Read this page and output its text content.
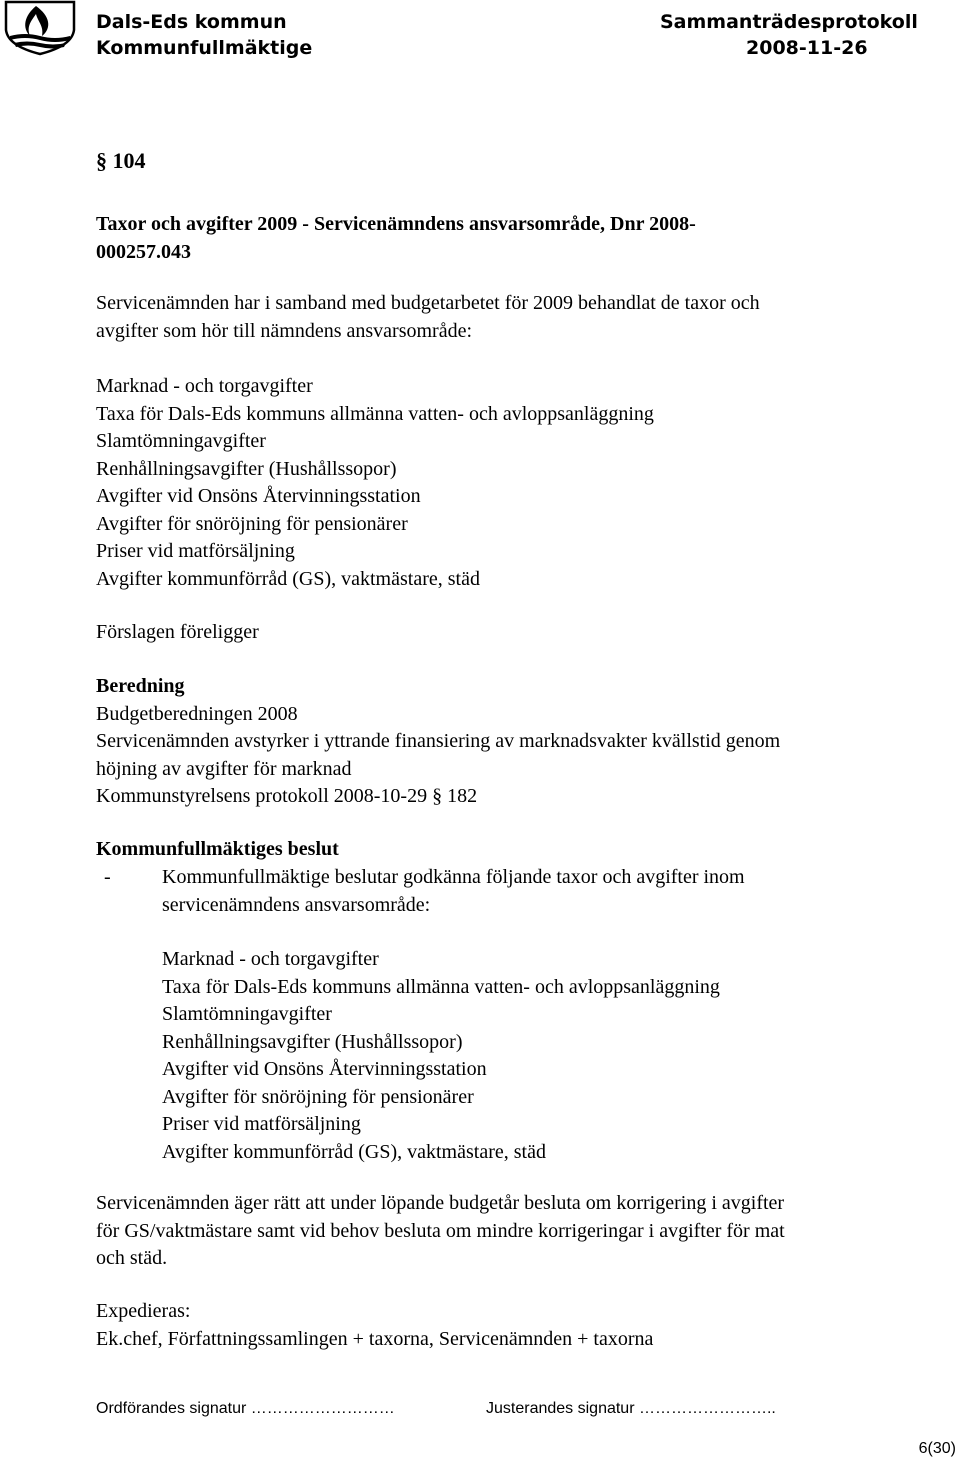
Dals-Eds kommun
Kommunfullmäktige
Sammanträdesprotokoll
2008-11-26
§ 104
Taxor och avgifter 2009 - Servicenämndens ansvarsområde, Dnr 2008-
000257.043
Servicenämnden har i samband med budgetarbetet för 2009 behandlat de taxor och
avgifter som hör till nämndens ansvarsområde:
Marknad - och torgavgifter
Taxa för Dals-Eds kommuns allmänna vatten- och avloppsanläggning
Slamtömningavgifter
Renhållningsavgifter (Hushållssopor)
Avgifter vid Onsöns Återvinningsstation
Avgifter för snöröjning för pensionärer
Priser vid matförsäljning
Avgifter kommunförråd (GS), vaktmästare, städ
Förslagen föreligger
Beredning
Budgetberedningen 2008
Servicenämnden avstyrker i yttrande finansiering av marknadsvakter kvällstid genom
höjning av avgifter för marknad
Kommunstyrelsens protokoll 2008-10-29 § 182
Kommunfullmäktiges beslut
-	Kommunfullmäktige beslutar godkänna följande taxor och avgifter inom
servicenämndens ansvarsområde:
Marknad - och torgavgifter
Taxa för Dals-Eds kommuns allmänna vatten- och avloppsanläggning
Slamtömningavgifter
Renhållningsavgifter (Hushållssopor)
Avgifter vid Onsöns Återvinningsstation
Avgifter för snöröjning för pensionärer
Priser vid matförsäljning
Avgifter kommunförråd (GS), vaktmästare, städ
Servicenämnden äger rätt att under löpande budgetår besluta om korrigering i avgifter
för GS/vaktmästare samt vid behov besluta om mindre korrigeringar i avgifter för mat
och städ.
Expedieras:
Ek.chef, Författningssamlingen + taxorna, Servicenämnden + taxorna
Ordförandes signatur ………………………	Justerandes signatur ……………………..
6(30)
